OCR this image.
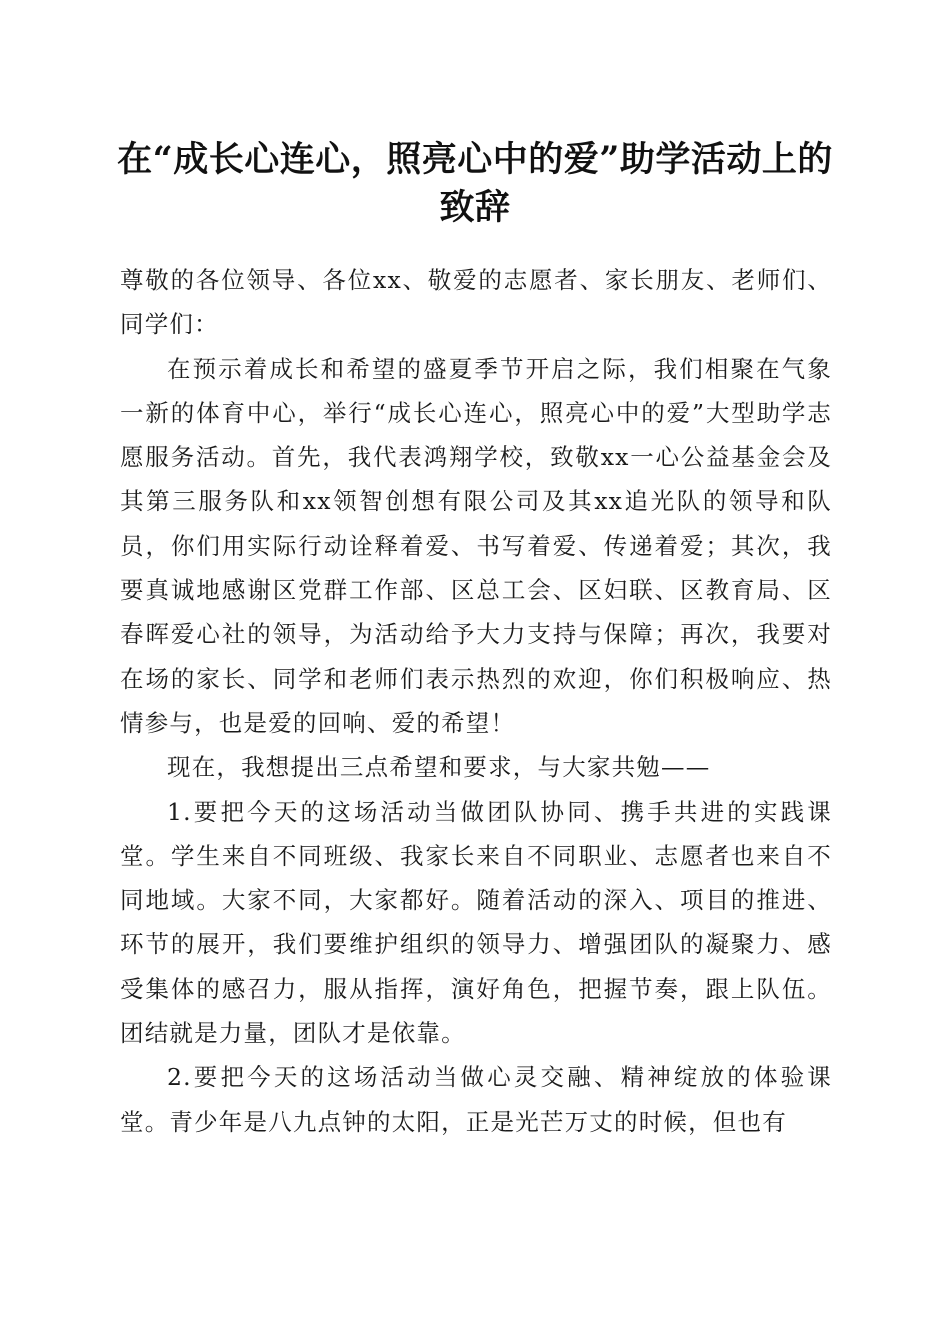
在“成长心连心，照亮心中的爱”助学活动上的致辞

尊敬的各位领导、各位xx、敬爱的志愿者、家长朋友、老师们、同学们：

在预示着成长和希望的盛夏季节开启之际，我们相聚在气象一新的体育中心，举行“成长心连心，照亮心中的爱”大型助学志愿服务活动。首先，我代表鸿翔学校，致敬xx一心公益基金会及其第三服务队和xx领智创想有限公司及其xx追光队的领导和队员，你们用实际行动诠释着爱、书写着爱、传递着爱；其次，我要真诚地感谢区党群工作部、区总工会、区妇联、区教育局、区春晖爱心社的领导，为活动给予大力支持与保障；再次，我要对在场的家长、同学和老师们表示热烈的欢迎，你们积极响应、热情参与，也是爱的回响、爱的希望！

现在，我想提出三点希望和要求，与大家共勉——

1.要把今天的这场活动当做团队协同、携手共进的实践课堂。学生来自不同班级、我家长来自不同职业、志愿者也来自不同地域。大家不同，大家都好。随着活动的深入、项目的推进、环节的展开，我们要维护组织的领导力、增强团队的凝聚力、感受集体的感召力，服从指挥，演好角色，把握节奏，跟上队伍。团结就是力量，团队才是依靠。

2.要把今天的这场活动当做心灵交融、精神绽放的体验课堂。青少年是八九点钟的太阳，正是光芒万丈的时候，但也有
